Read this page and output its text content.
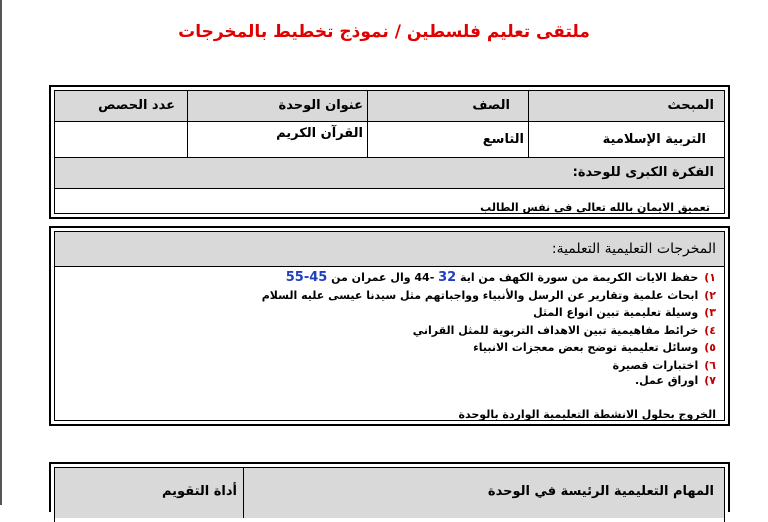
ملتقى تعليم فلسطين / نموذج تخطيط بالمخرجات
المبحث
الصف
عنوان الوحدة
عدد الحصص
التربية الإسلامية
التاسع
القرآن الكريم
الفكرة الكبرى للوحدة:
تعميق الايمان بالله تعالى في نفس الطالب
المخرجات التعليمية التعلمية:
١)حفظ الايات الكريمة من سورة الكهف من اية 32 -44 وال عمران من 45-55
٢)ابحاث علمية وتقارير عن الرسل والأنبياء وواجباتهم مثل سيدنا عيسى عليه السلام
٣)وسيلة تعليمية تبين انواع المثل
٤)خرائط مفاهيمية تبين الاهداف التربوية للمثل القراني
٥)وسائل تعليمية توضح بعض معجزات الانبياء
٦)اختبارات قصيرة
٧)اوراق عمل.
الخروج بحلول الانشطة التعليمية الواردة بالوحدة
المهام التعليمية الرئيسة في الوحدة
أداة التقويم
